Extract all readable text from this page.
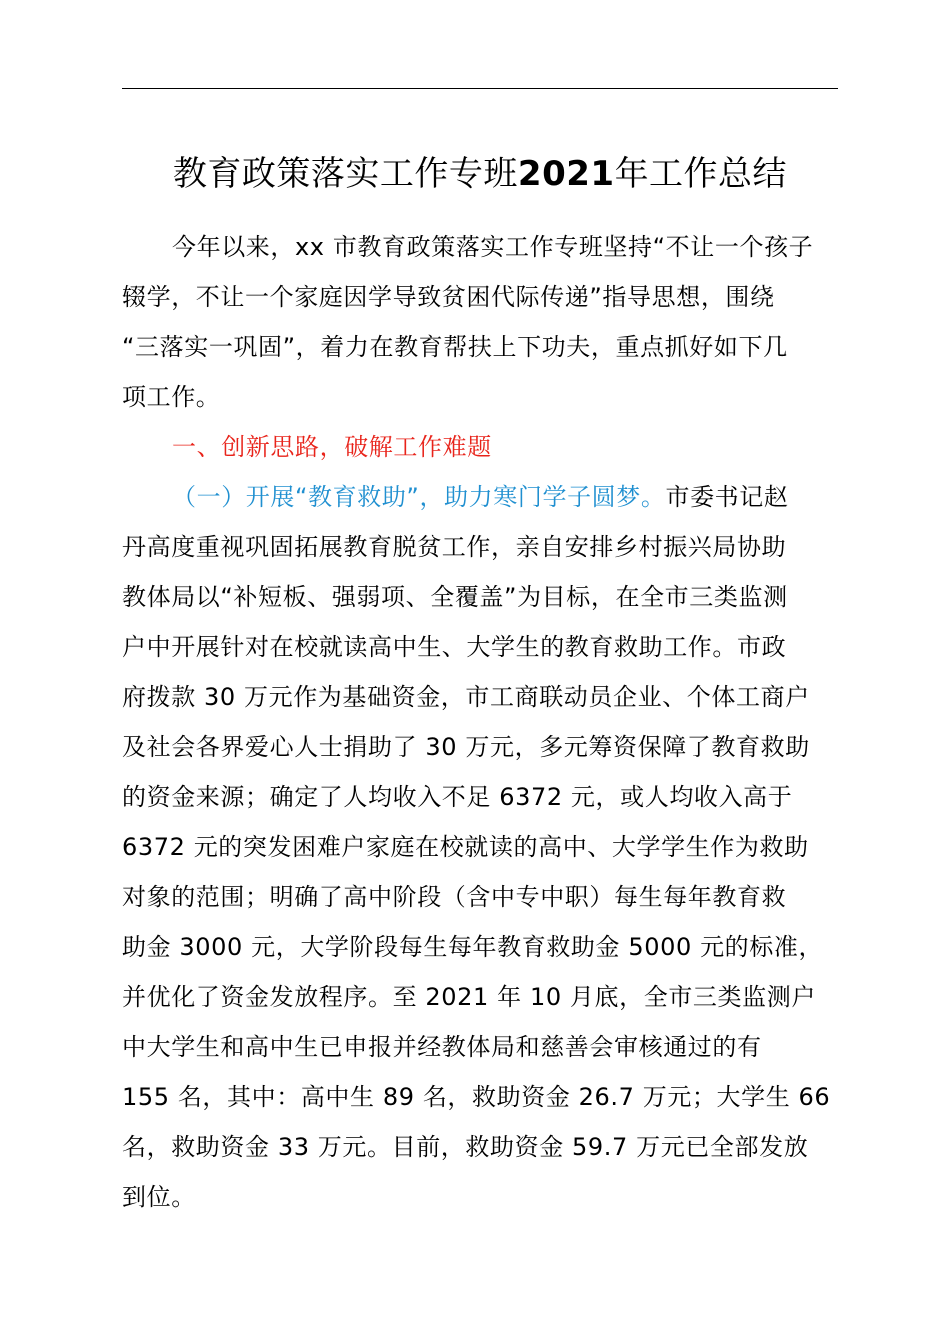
教育政策落实工作专班2021年工作总结
今年以来，xx 市教育政策落实工作专班坚持“不让一个孩子
辍学，不让一个家庭因学导致贫困代际传递”指导思想，围绕
“三落实一巩固”，着力在教育帮扶上下功夫，重点抓好如下几
项工作。
一、创新思路，破解工作难题
（一）开展“教育救助”，助力寒门学子圆梦。市委书记赵
丹高度重视巩固拓展教育脱贫工作，亲自安排乡村振兴局协助
教体局以“补短板、强弱项、全覆盖”为目标，在全市三类监测
户中开展针对在校就读高中生、大学生的教育救助工作。市政
府拨款 30 万元作为基础资金，市工商联动员企业、个体工商户
及社会各界爱心人士捐助了 30 万元，多元筹资保障了教育救助
的资金来源；确定了人均收入不足 6372 元，或人均收入高于
6372 元的突发困难户家庭在校就读的高中、大学学生作为救助
对象的范围；明确了高中阶段（含中专中职）每生每年教育救
助金 3000 元，大学阶段每生每年教育救助金 5000 元的标准，
并优化了资金发放程序。至 2021 年 10 月底，全市三类监测户
中大学生和高中生已申报并经教体局和慈善会审核通过的有
155 名，其中：高中生 89 名，救助资金 26.7 万元；大学生 66
名，救助资金 33 万元。目前，救助资金 59.7 万元已全部发放
到位。
